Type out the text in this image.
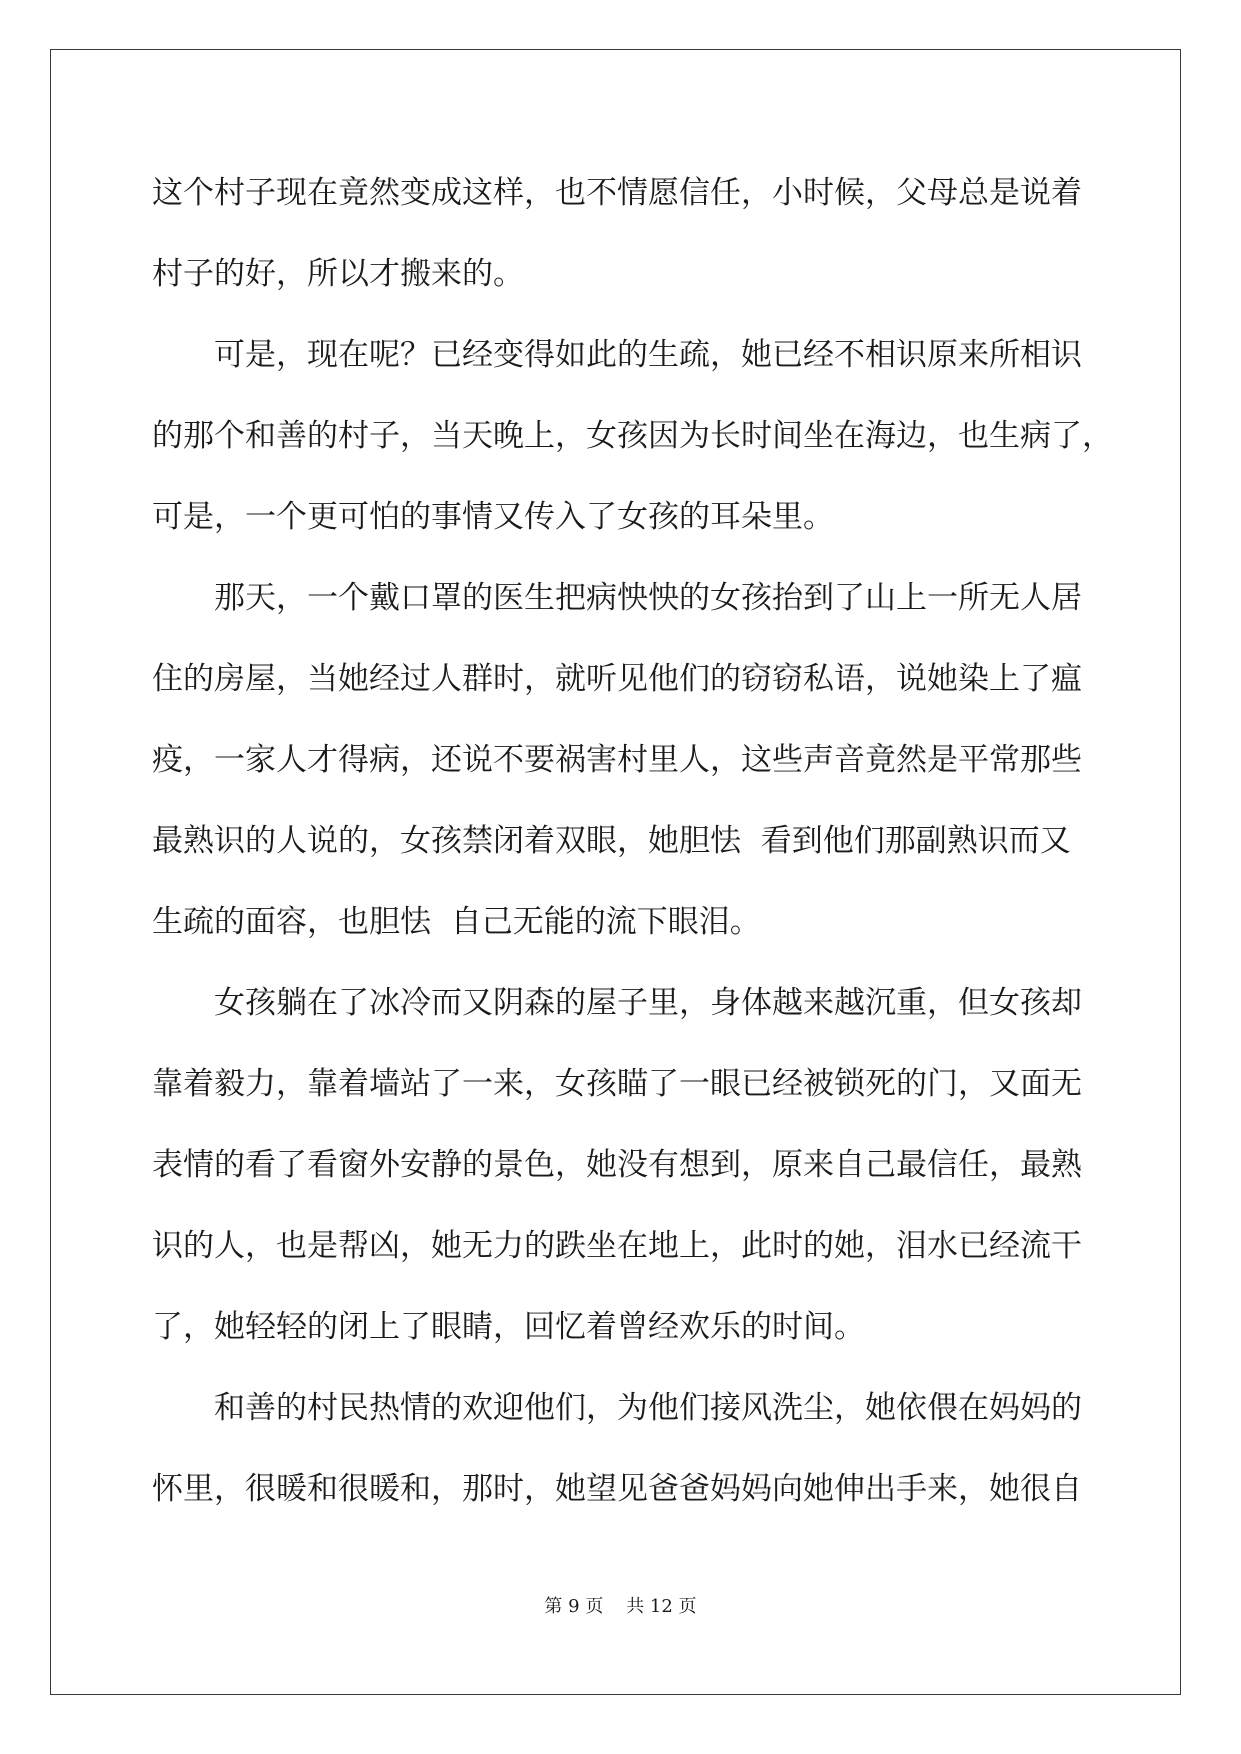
这个村子现在竟然变成这样，也不情愿信任，小时候，父母总是说着
村子的好，所以才搬来的。
可是，现在呢？已经变得如此的生疏，她已经不相识原来所相识
的那个和善的村子，当天晚上，女孩因为长时间坐在海边，也生病了，
可是，一个更可怕的事情又传入了女孩的耳朵里。
那天，一个戴口罩的医生把病怏怏的女孩抬到了山上一所无人居
住的房屋，当她经过人群时，就听见他们的窃窃私语，说她染上了瘟
疫，一家人才得病，还说不要祸害村里人，这些声音竟然是平常那些
最熟识的人说的，女孩禁闭着双眼，她胆怯  看到他们那副熟识而又
生疏的面容，也胆怯  自己无能的流下眼泪。
女孩躺在了冰冷而又阴森的屋子里，身体越来越沉重，但女孩却
靠着毅力，靠着墙站了一来，女孩瞄了一眼已经被锁死的门，又面无
表情的看了看窗外安静的景色，她没有想到，原来自己最信任，最熟
识的人，也是帮凶，她无力的跌坐在地上，此时的她，泪水已经流干
了，她轻轻的闭上了眼睛，回忆着曾经欢乐的时间。
和善的村民热情的欢迎他们，为他们接风洗尘，她依偎在妈妈的
怀里，很暖和很暖和，那时，她望见爸爸妈妈向她伸出手来，她很自
第 9 页    共 12 页
